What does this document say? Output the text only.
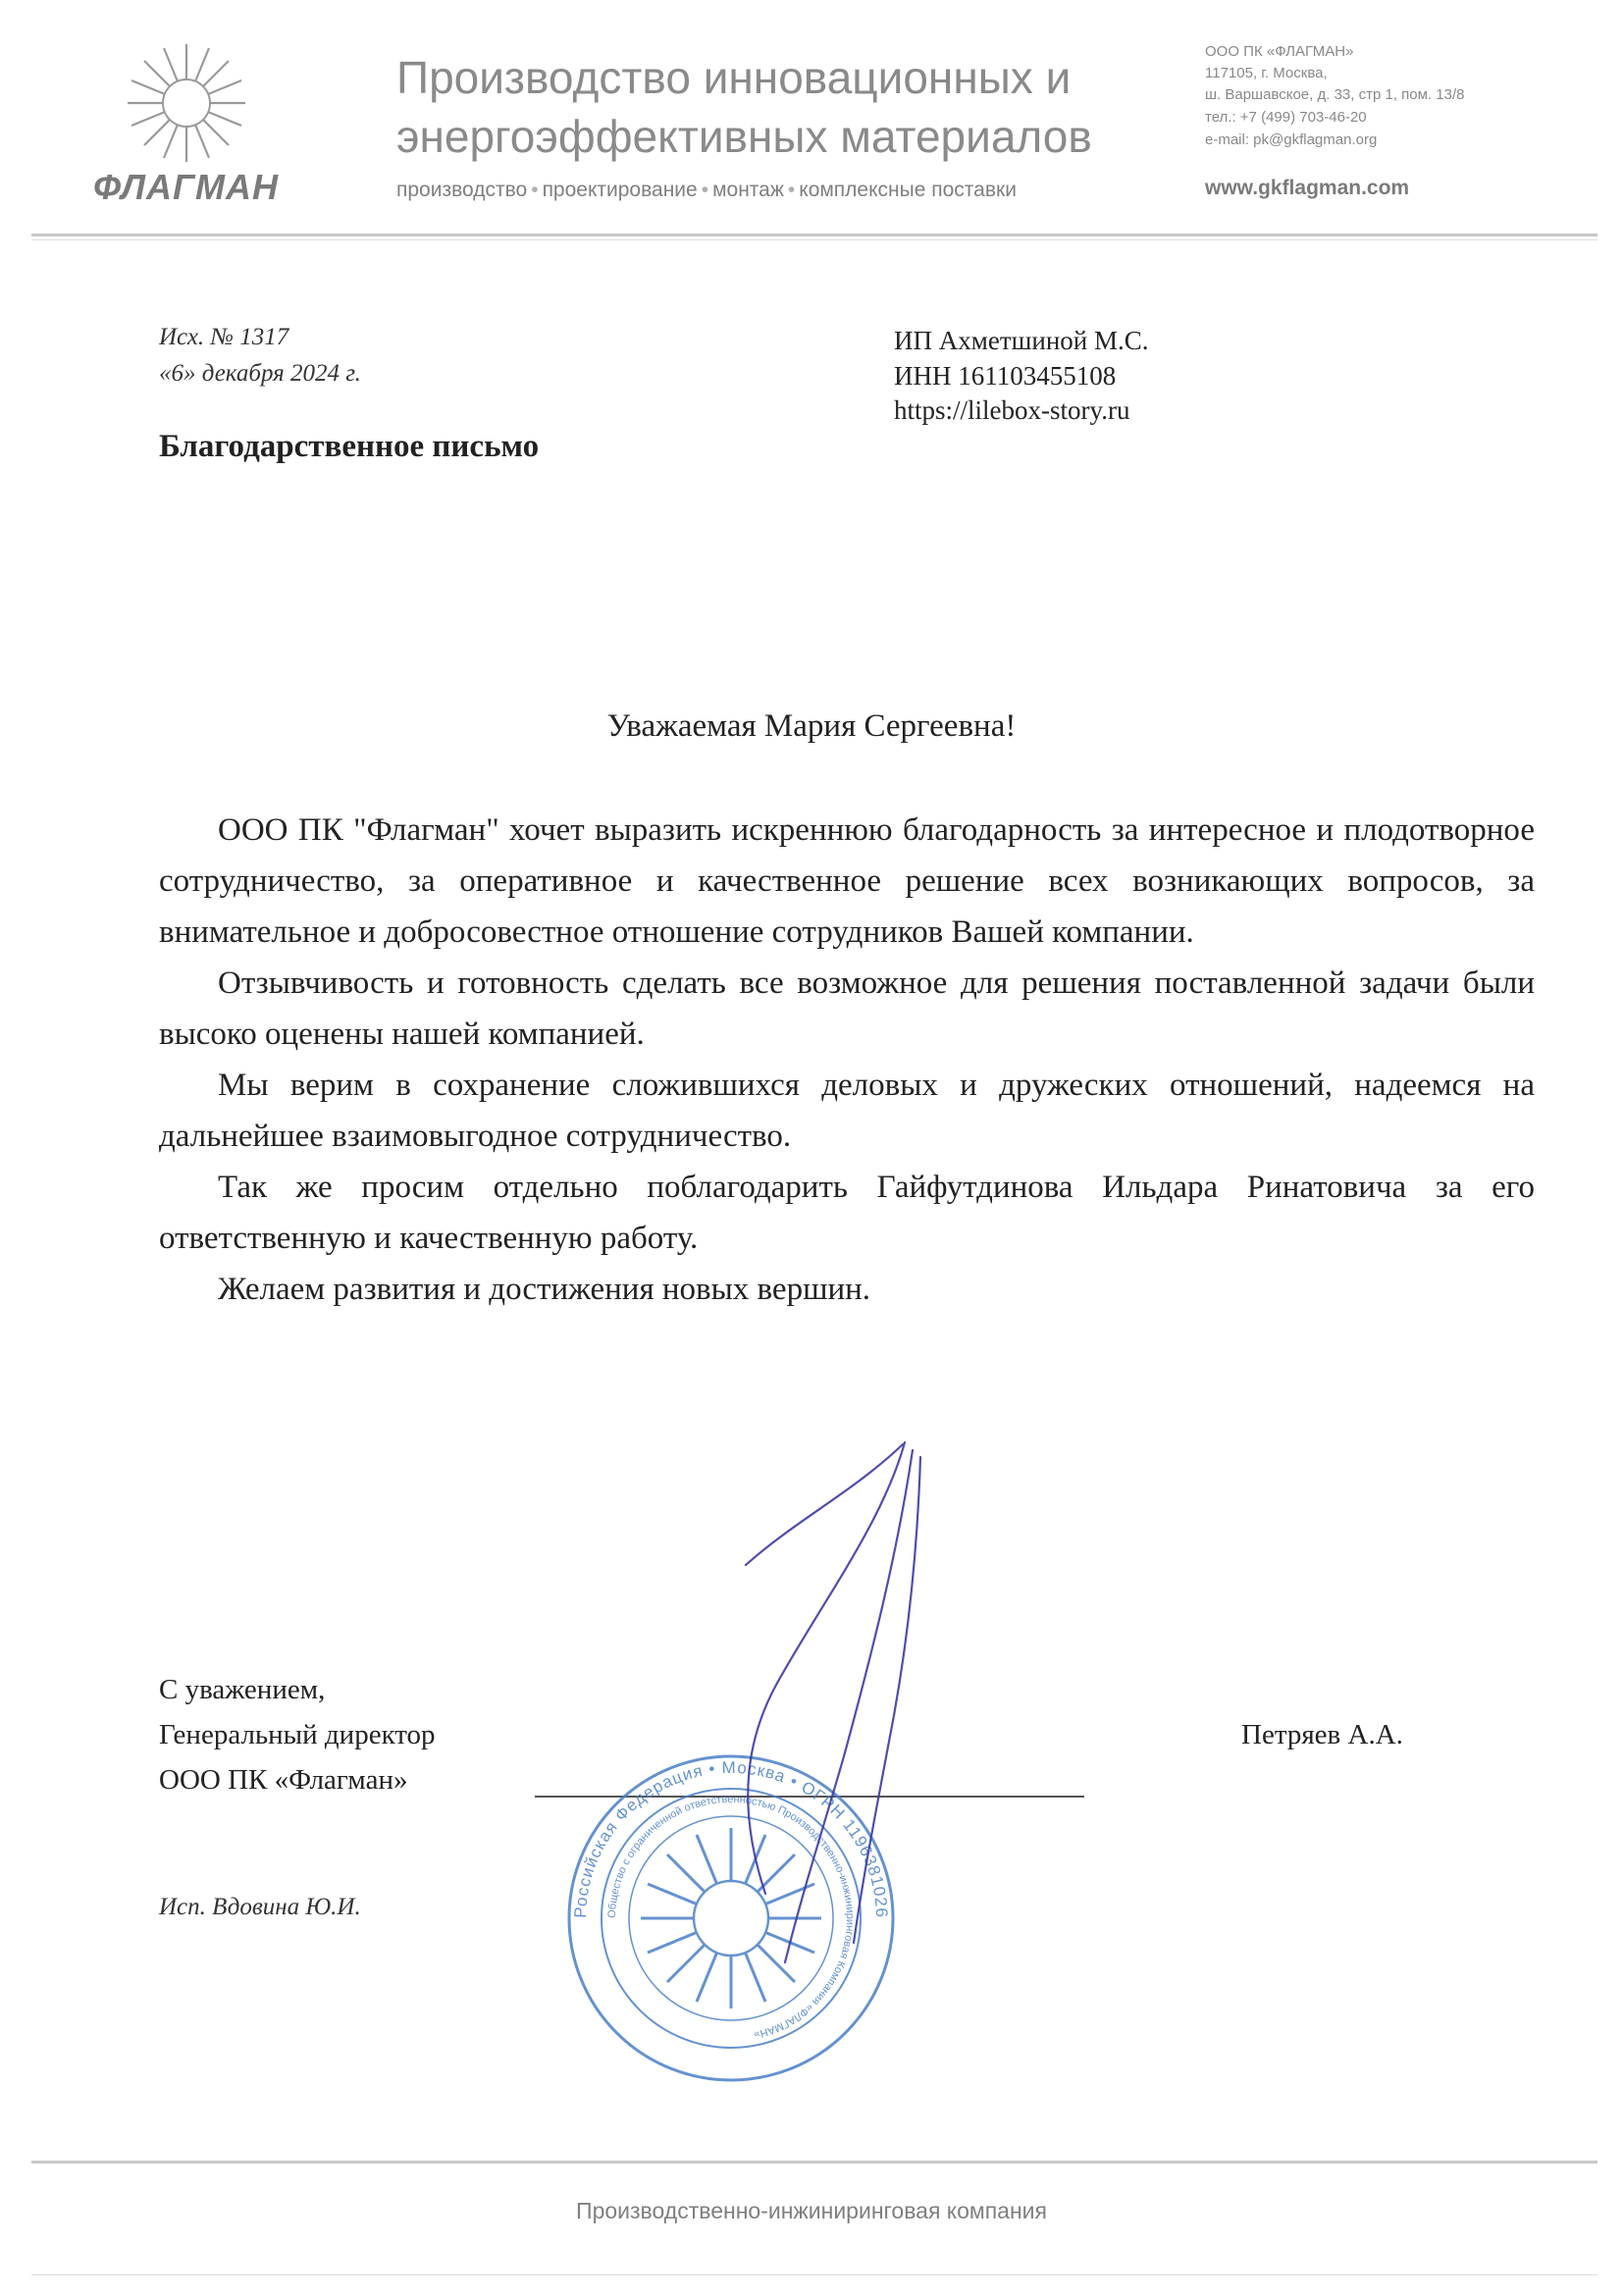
ФЛАГМАН
Производство инновационных и
энергоэффективных материалов
производство • проектирование • монтаж • комплексные поставки
ООО ПК «ФЛАГМАН»
117105, г. Москва,
ш. Варшавское, д. 33, стр 1, пом. 13/8
тел.: +7 (499) 703-46-20
e-mail: pk@gkflagman.org
www.gkflagman.com
Исх. № 1317
«6» декабря 2024 г.
ИП Ахметшиной М.С.
ИНН 161103455108
https://lilebox-story.ru
Благодарственное письмо
Уважаемая Мария Сергеевна!

ООО ПК "Флагман" хочет выразить искреннюю благодарность за интересное и плодотворное сотрудничество, за оперативное и качественное решение всех возникающих вопросов, за внимательное и добросовестное отношение сотрудников Вашей компании.

Отзывчивость и готовность сделать все возможное для решения поставленной задачи были высоко оценены нашей компанией.

Мы верим в сохранение сложившихся деловых и дружеских отношений, надеемся на дальнейшее взаимовыгодное сотрудничество.

Так же просим отдельно поблагодарить Гайфутдинова Ильдара Ринатовича за его ответственную и качественную работу.

Желаем развития и достижения новых вершин.

С уважением,
Генеральный директор
ООО ПК «Флагман»
Петряев А.А.
Исп. Вдовина Ю.И.	Российская Федерация • Москва • ОГРН 1196381026
Общество с ограниченной ответственностью Производственно-инжиниринговая Компания «ФЛАГМАН»
Производственно-инжиниринговая компания
